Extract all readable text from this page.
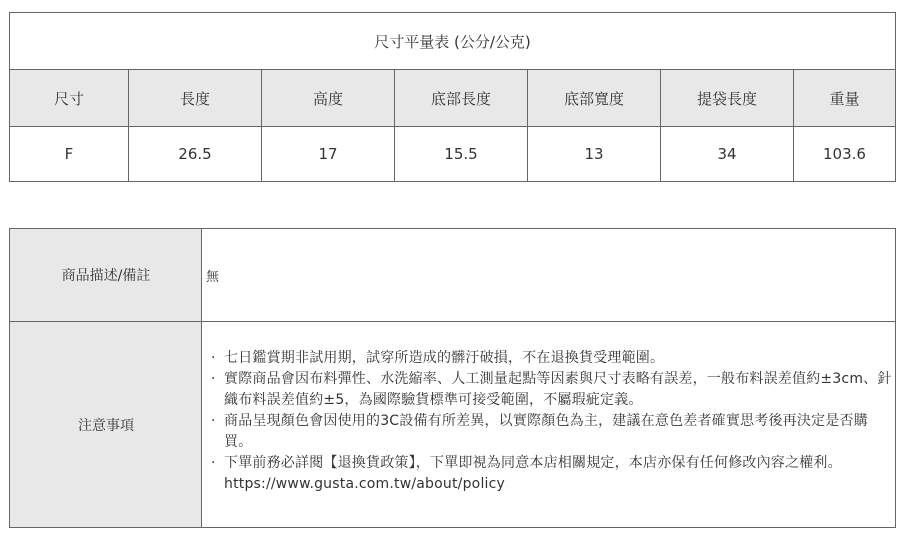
尺寸平量表 (公分/公克)
尺寸	長度	高度	底部長度	底部寬度	提袋長度	重量
F	26.5	17	15.5	13	34	103.6
商品描述/備註	無
注意事項
· 七日鑑賞期非試用期，試穿所造成的髒汙破損，不在退換貨受理範圍。
· 實際商品會因布料彈性、水洗縮率、人工測量起點等因素與尺寸表略有誤差，一般布料誤差值約±3cm、針織布料誤差值約±5，為國際驗貨標準可接受範圍，不屬瑕疵定義。
· 商品呈現顏色會因使用的3C設備有所差異，以實際顏色為主，建議在意色差者確實思考後再決定是否購買。
· 下單前務必詳閱【退換貨政策】，下單即視為同意本店相關規定，本店亦保有任何修改內容之權利。https://www.gusta.com.tw/about/policy
